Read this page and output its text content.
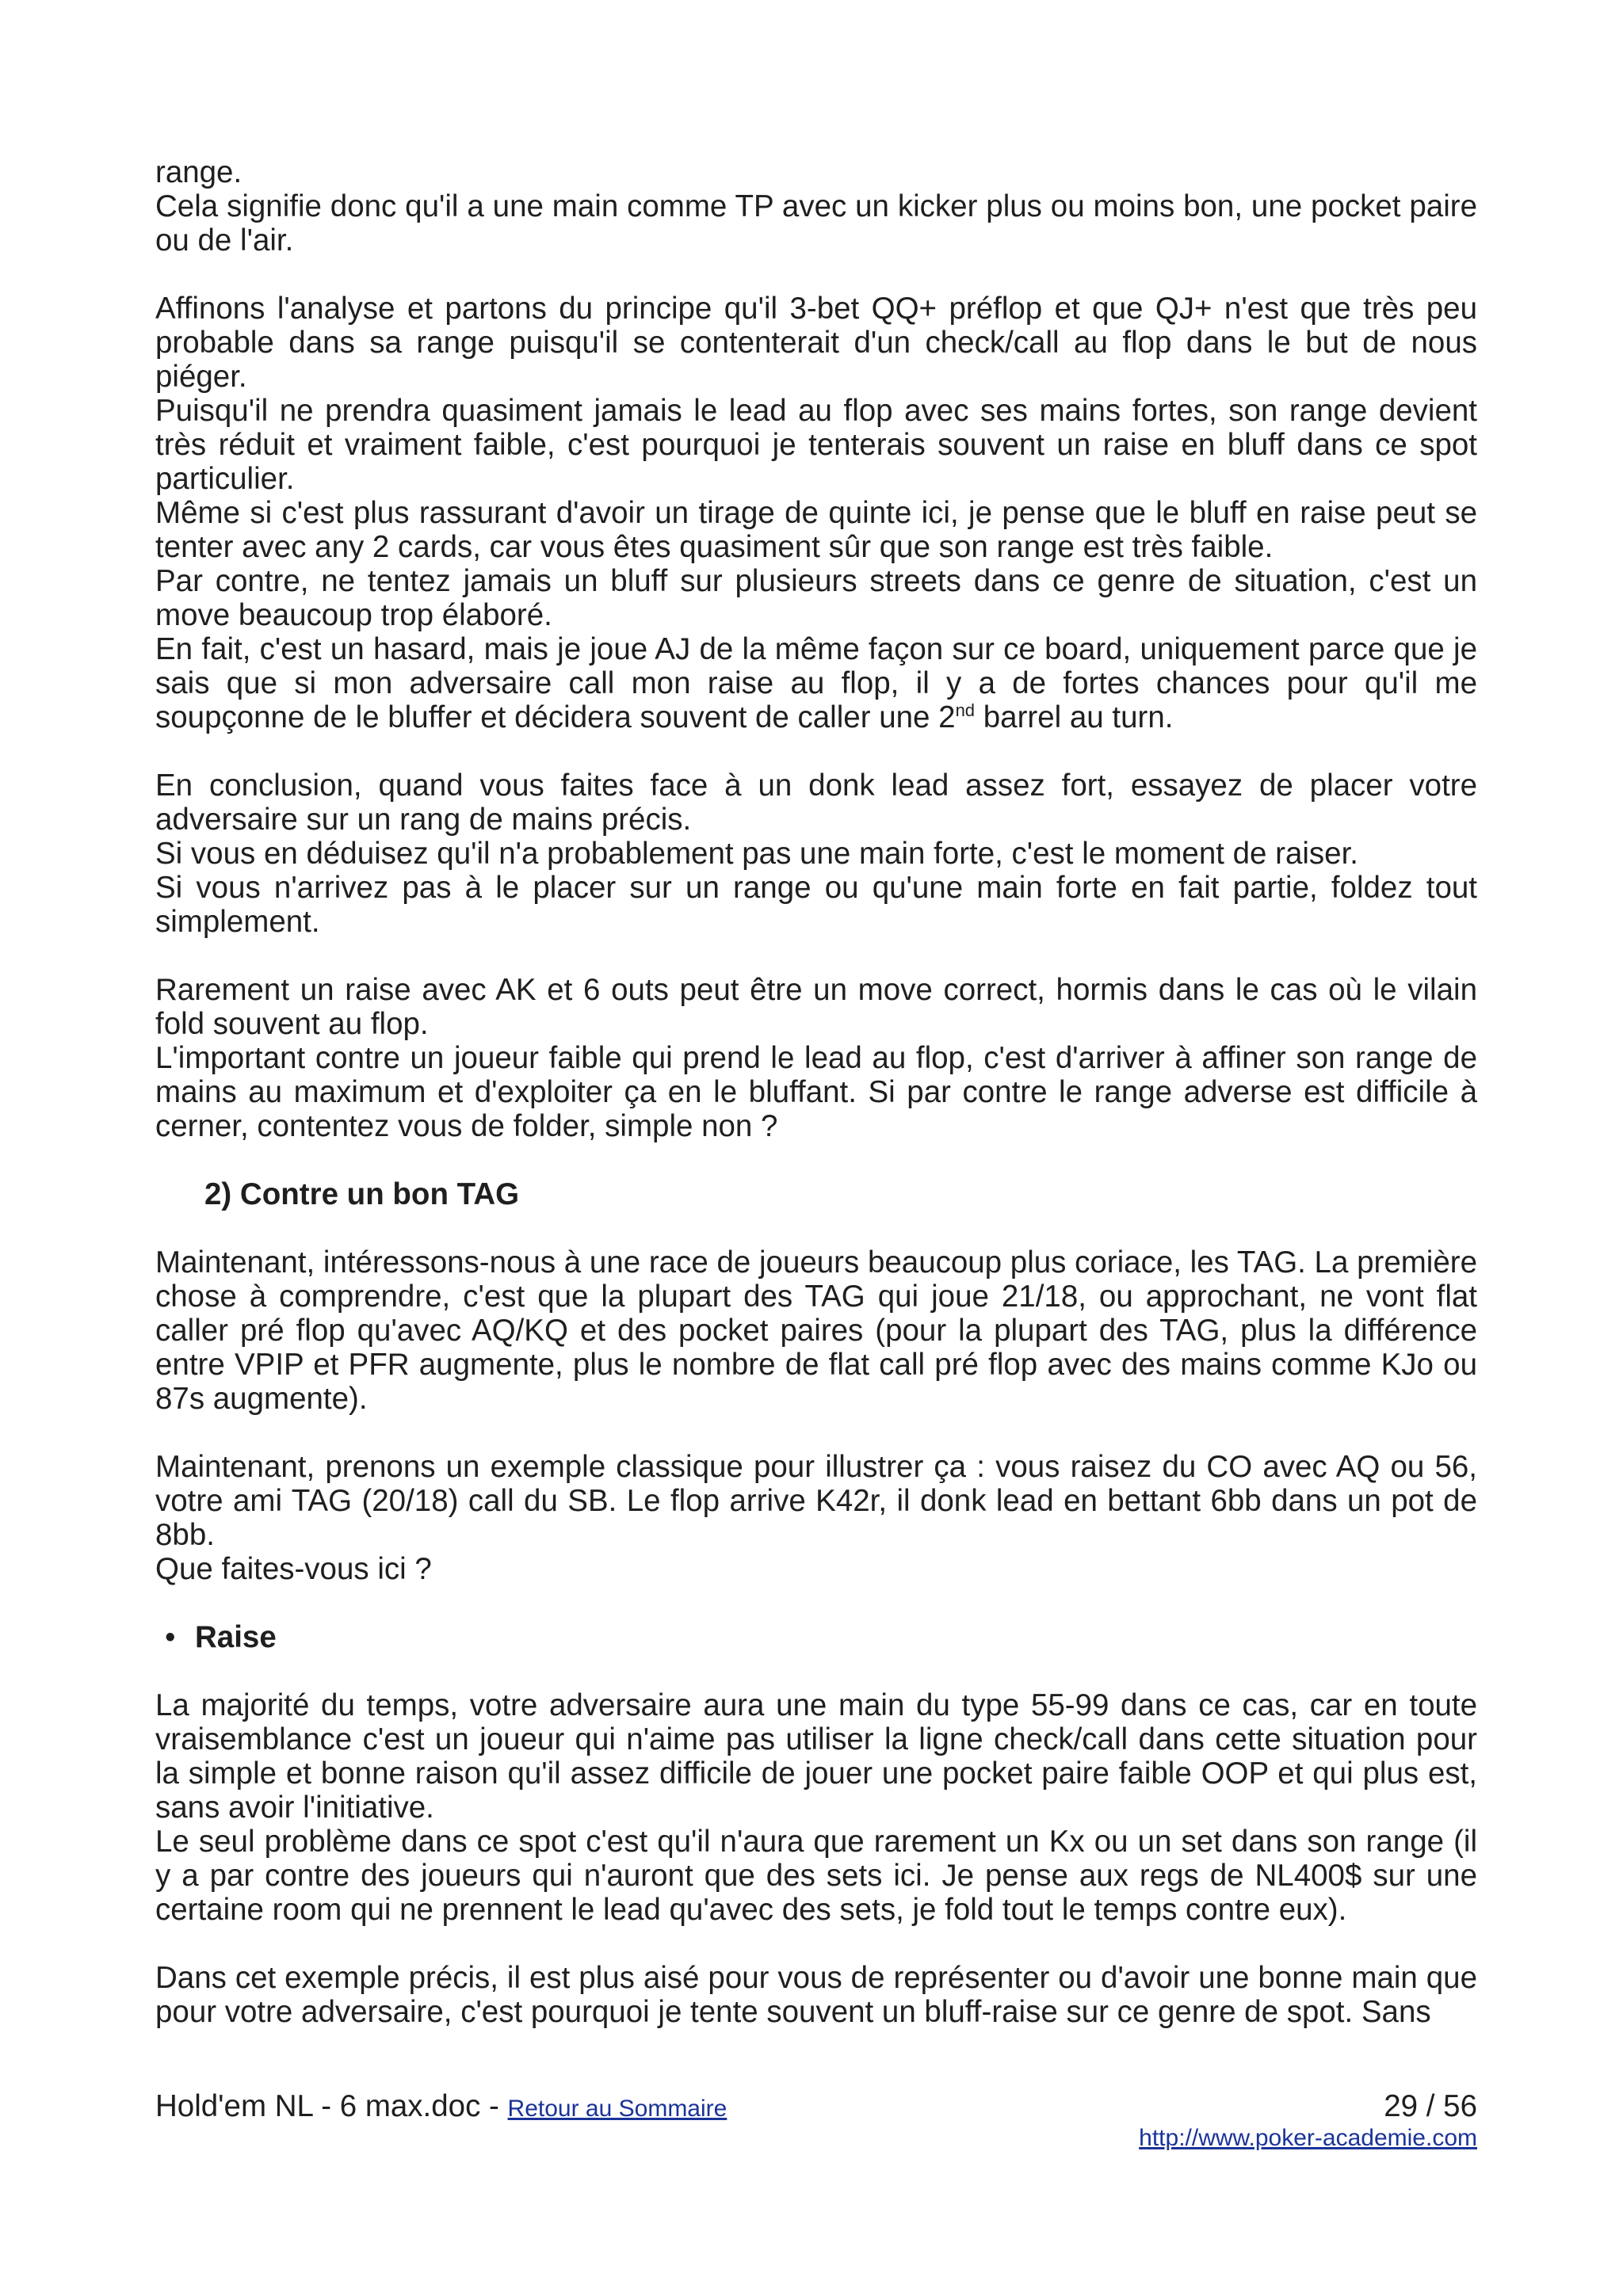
range.

Cela signifie donc qu'il a une main comme TP avec un kicker plus ou moins bon, une pocket paire ou de l'air.

Affinons l'analyse et partons du principe qu'il 3-bet QQ+ préflop et que QJ+ n'est que très peu probable dans sa range puisqu'il se contenterait d'un check/call au flop dans le but de nous piéger.

Puisqu'il ne prendra quasiment jamais le lead au flop avec ses mains fortes, son range devient très réduit et vraiment faible, c'est pourquoi je tenterais souvent un raise en bluff dans ce spot particulier.

Même si c'est plus rassurant d'avoir un tirage de quinte ici, je pense que le bluff en raise peut se tenter avec any 2 cards, car vous êtes quasiment sûr que son range est très faible.

Par contre, ne tentez jamais un bluff sur plusieurs streets dans ce genre de situation, c'est un move beaucoup trop élaboré.

En fait, c'est un hasard, mais je joue AJ de la même façon sur ce board, uniquement parce que je sais que si mon adversaire call mon raise au flop, il y a de fortes chances pour qu'il me soupçonne de le bluffer et décidera souvent de caller une 2nd barrel au turn.

En conclusion, quand vous faites face à un donk lead assez fort, essayez de placer votre adversaire sur un rang de mains précis.

Si vous en déduisez qu'il n'a probablement pas une main forte, c'est le moment de raiser.

Si vous n'arrivez pas à le placer sur un range ou qu'une main forte en fait partie, foldez tout simplement.

Rarement un raise avec AK et 6 outs peut être un move correct, hormis dans le cas où le vilain fold souvent au flop.

L'important contre un joueur faible qui prend le lead au flop, c'est d'arriver à affiner son range de mains au maximum et d'exploiter ça en le bluffant. Si par contre le range adverse est difficile à cerner, contentez vous de folder, simple non ?

2) Contre un bon TAG

Maintenant, intéressons-nous à une race de joueurs beaucoup plus coriace, les TAG. La première chose à comprendre, c'est que la plupart des TAG qui joue 21/18, ou approchant, ne vont flat caller pré flop qu'avec AQ/KQ et des pocket paires (pour la plupart des TAG, plus la différence entre VPIP et PFR augmente, plus le nombre de flat call pré flop avec des mains comme KJo ou 87s augmente).

Maintenant, prenons un exemple classique pour illustrer ça : vous raisez du CO avec AQ ou 56, votre ami TAG (20/18) call du SB. Le flop arrive K42r, il donk lead en bettant 6bb dans un pot de 8bb.

Que faites-vous ici ?

• Raise

La majorité du temps, votre adversaire aura une main du type 55-99 dans ce cas, car en toute vraisemblance c'est un joueur qui n'aime pas utiliser la ligne check/call dans cette situation pour la simple et bonne raison qu'il assez difficile de jouer une pocket paire faible OOP et qui plus est, sans avoir l'initiative.

Le seul problème dans ce spot c'est qu'il n'aura que rarement un Kx ou un set dans son range (il y a par contre des joueurs qui n'auront que des sets ici. Je pense aux regs de NL400$ sur une certaine room qui ne prennent le lead qu'avec des sets, je fold tout le temps contre eux).

Dans cet exemple précis, il est plus aisé pour vous de représenter ou d'avoir une bonne main que pour votre adversaire, c'est pourquoi je tente souvent un bluff-raise sur ce genre de spot. Sans

Hold'em NL - 6 max.doc - Retour au Sommaire	29 / 56
http://www.poker-academie.com
